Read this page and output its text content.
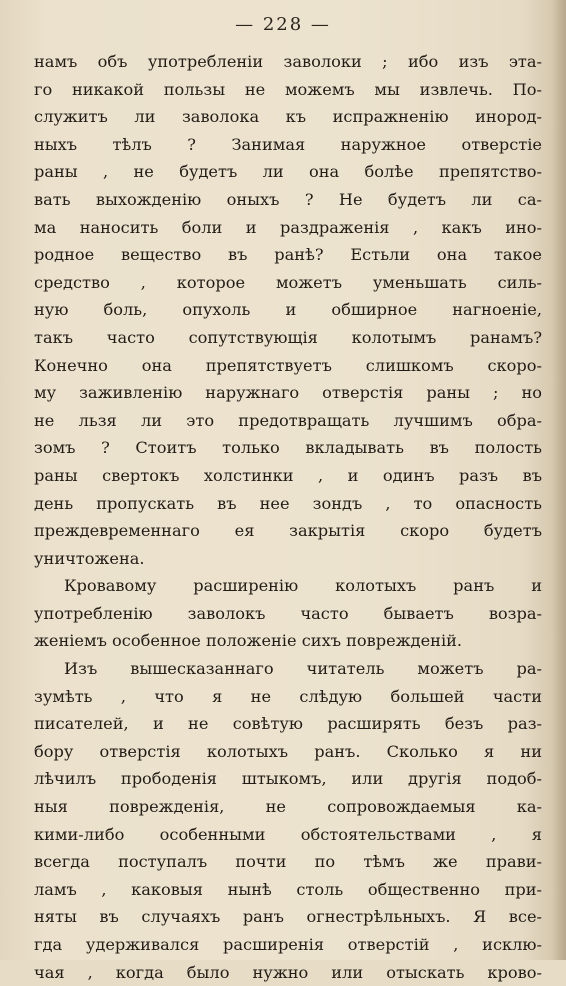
— 228 —
намъ объ употребленіи заволоки ; ибо изъ эта-
го никакой пользы не можемъ мы извлечь. По-
служитъ ли заволока къ испражненію инород-
ныхъ тѣлъ ? Занимая наружное отверстіе
раны , не будетъ ли она болѣе препятство-
вать выхожденію оныхъ ? Не будетъ ли са-
ма наносить боли и раздраженія , какъ ино-
родное вещество въ ранѣ? Естьли она такое
средство , которое можетъ уменьшать силь-
ную боль, опухоль и обширное нагноеніе,
такъ часто сопутствующія колотымъ ранамъ?
Конечно она препятствуетъ слишкомъ скоро-
му заживленію наружнаго отверстія раны ; но
не льзя ли это предотвращать лучшимъ обра-
зомъ ? Стоитъ только вкладывать въ полость
раны свертокъ холстинки , и одинъ разъ въ
день пропускать въ нее зондъ , то опасность
преждевременнаго ея закрытія скоро будетъ
уничтожена.
Кровавому расширенію колотыхъ ранъ и
употребленію заволокъ часто бываетъ возра-
женіемъ особенное положеніе сихъ поврежденій.
Изъ вышесказаннаго читатель можетъ ра-
зумѣть , что я не слѣдую большей части
писателей, и не совѣтую расширять безъ раз-
бору отверстія колотыхъ ранъ. Сколько я ни
лѣчилъ прободенія штыкомъ, или другія подоб-
ныя поврежденія, не сопровождаемыя ка-
кими-либо особенными обстоятельствами , я
всегда поступалъ почти по тѣмъ же прави-
ламъ , каковыя нынѣ столь общественно при-
няты въ случаяхъ ранъ огнестрѣльныхъ. Я все-
гда удерживался расширенія отверстій , исклю-
чая , когда было нужно или отыскать крово-
